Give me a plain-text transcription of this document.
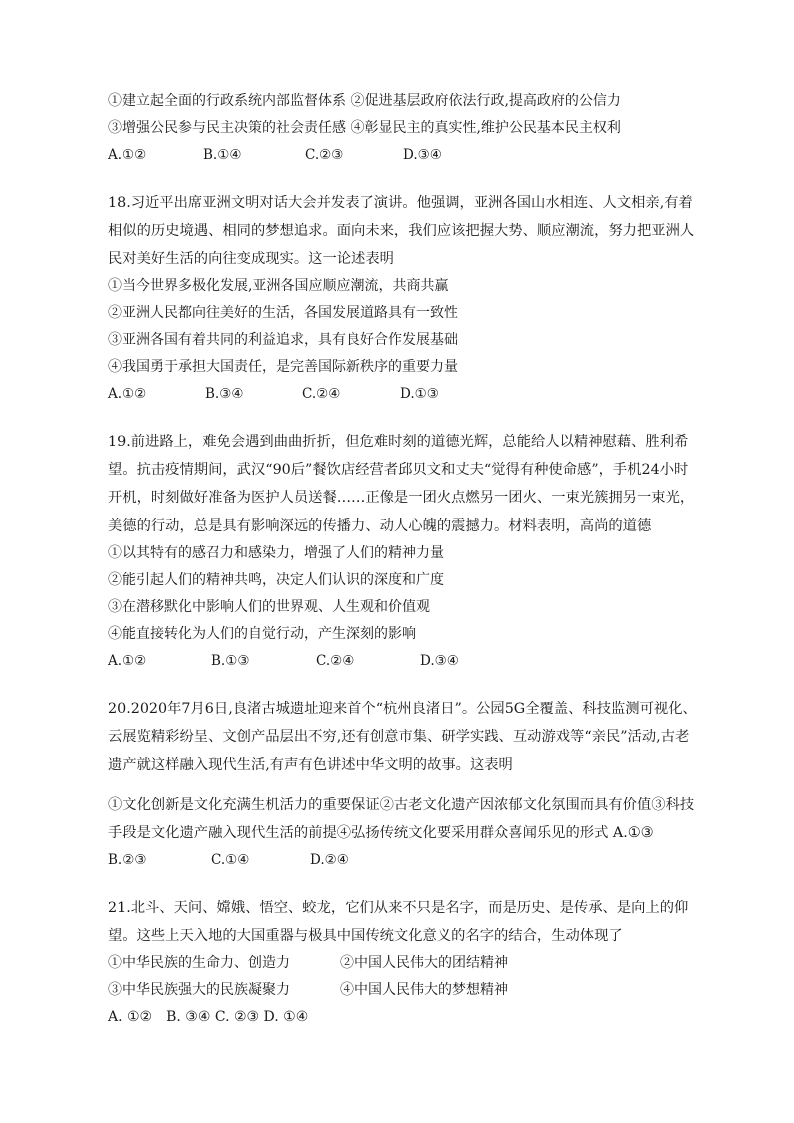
①建立起全面的行政系统内部监督体系 ②促进基层政府依法行政,提高政府的公信力
③增强公民参与民主决策的社会责任感 ④彰显民主的真实性,维护公民基本民主权利
A.①②	B.①④	C.②③	D.③④
18.习近平出席亚洲文明对话大会并发表了演讲。他强调，亚洲各国山水相连、人文相亲,有着相似的历史境遇、相同的梦想追求。面向未来，我们应该把握大势、顺应潮流，努力把亚洲人民对美好生活的向往变成现实。这一论述表明
①当今世界多极化发展,亚洲各国应顺应潮流，共商共赢
②亚洲人民都向往美好的生活，各国发展道路具有一致性
③亚洲各国有着共同的利益追求，具有良好合作发展基础
④我国勇于承担大国责任，是完善国际新秩序的重要力量
A.①②	B.③④	C.②④	D.①③
19.前进路上，难免会遇到曲曲折折，但危难时刻的道德光辉，总能给人以精神慰藉、胜利希望。抗击疫情期间，武汉“90后”餐饮店经营者邱贝文和丈夫“觉得有种使命感”，手机24小时开机，时刻做好准备为医护人员送餐……正像是一团火点燃另一团火、一束光簇拥另一束光，美德的行动，总是具有影响深远的传播力、动人心魄的震撼力。材料表明，高尚的道德
①以其特有的感召力和感染力，增强了人们的精神力量
②能引起人们的精神共鸣，决定人们认识的深度和广度
③在潜移默化中影响人们的世界观、人生观和价值观
④能直接转化为人们的自觉行动，产生深刻的影响
A.①②	B.①③	C.②④	D.③④
20.2020年7月6日,良渚古城遗址迎来首个“杭州良渚日”。公园5G全覆盖、科技监测可视化、云展览精彩纷呈、文创产品层出不穷,还有创意市集、研学实践、互动游戏等“亲民”活动,古老遗产就这样融入现代生活,有声有色讲述中华文明的故事。这表明
①文化创新是文化充满生机活力的重要保证②古老文化遗产因浓郁文化氛围而具有价值③科技手段是文化遗产融入现代生活的前提④弘扬传统文化要采用群众喜闻乐见的形式 A.①③
B.②③	C.①④	D.②④
21.北斗、天问、嫦娥、悟空、蛟龙，它们从来不只是名字，而是历史、是传承、是向上的仰望。这些上天入地的大国重器与极具中国传统文化意义的名字的结合，生动体现了
①中华民族的生命力、创造力	②中国人民伟大的团结精神
③中华民族强大的民族凝聚力	④中国人民伟大的梦想精神
A. ①②　B. ③④ C. ②③ D. ①④
